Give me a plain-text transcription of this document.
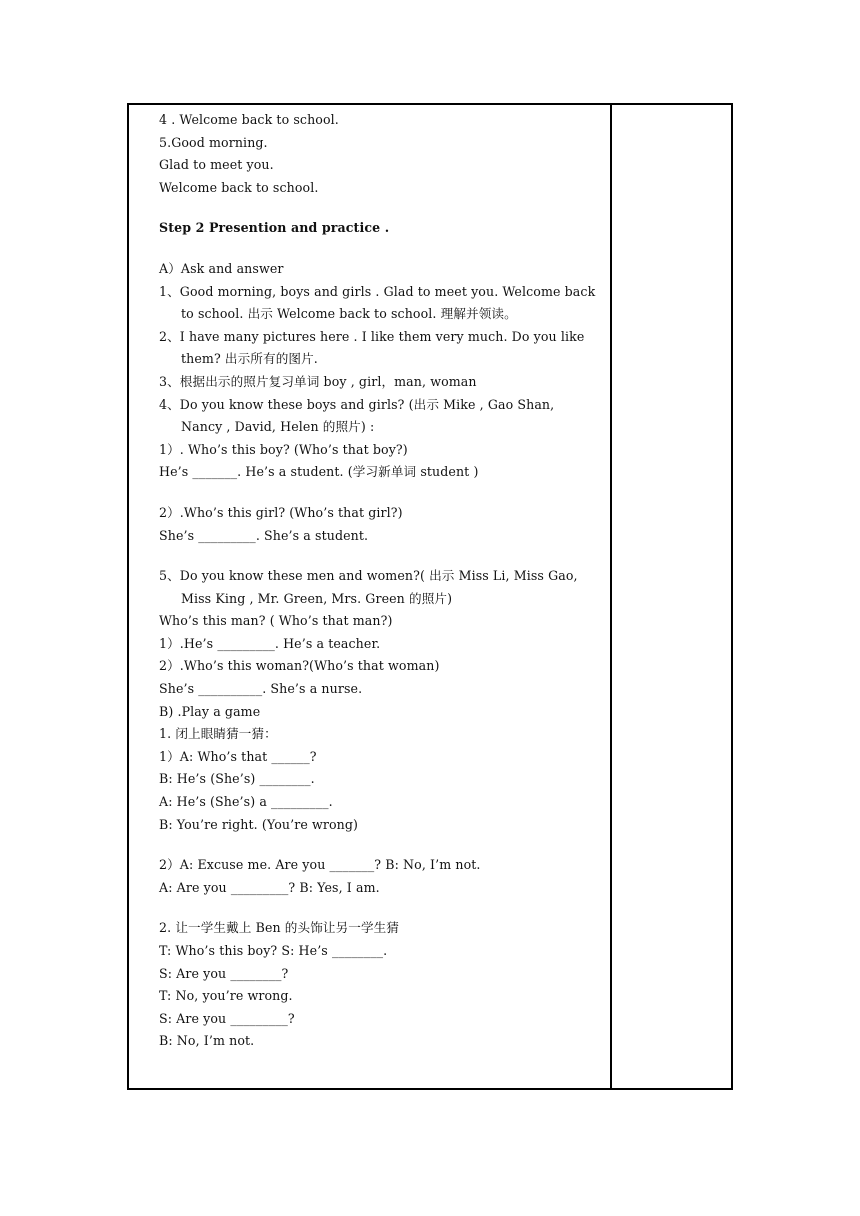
4 . Welcome back to school.
5.Good morning.
Glad to meet you.
Welcome back to school.
Step 2 Presention and practice .
A）Ask and answer
1、Good morning, boys and girls . Glad to meet you. Welcome back
to school. 出示 Welcome back to school. 理解并领读。
2、I have many pictures here . I like them very much. Do you like
them? 出示所有的图片.
3、根据出示的照片复习单词 boy , girl，man, woman
4、Do you know these boys and girls? (出示 Mike , Gao Shan,
Nancy , David, Helen 的照片) :
1）. Who’s this boy? (Who’s that boy?)
He’s _______. He’s a student. (学习新单词 student )
2）.Who’s this girl? (Who’s that girl?)
She’s _________. She’s a student.
5、Do you know these men and women?( 出示 Miss Li, Miss Gao,
Miss King , Mr. Green, Mrs. Green 的照片)
Who’s this man? ( Who’s that man?)
1）.He’s _________. He’s a teacher.
2）.Who’s this woman?(Who’s that woman)
She’s __________. She’s a nurse.
B) .Play a game
1. 闭上眼睛猜一猜：
1）A: Who’s that ______?
B: He’s (She’s) ________.
A: He’s (She’s) a _________.
B: You’re right. (You’re wrong)
2）A: Excuse me. Are you _______? B: No, I’m not.
A: Are you _________? B: Yes, I am.
2. 让一学生戴上 Ben 的头饰让另一学生猜
T: Who’s this boy? S: He’s ________.
S: Are you ________?
T: No, you’re wrong.
S: Are you _________?
B: No, I’m not.
